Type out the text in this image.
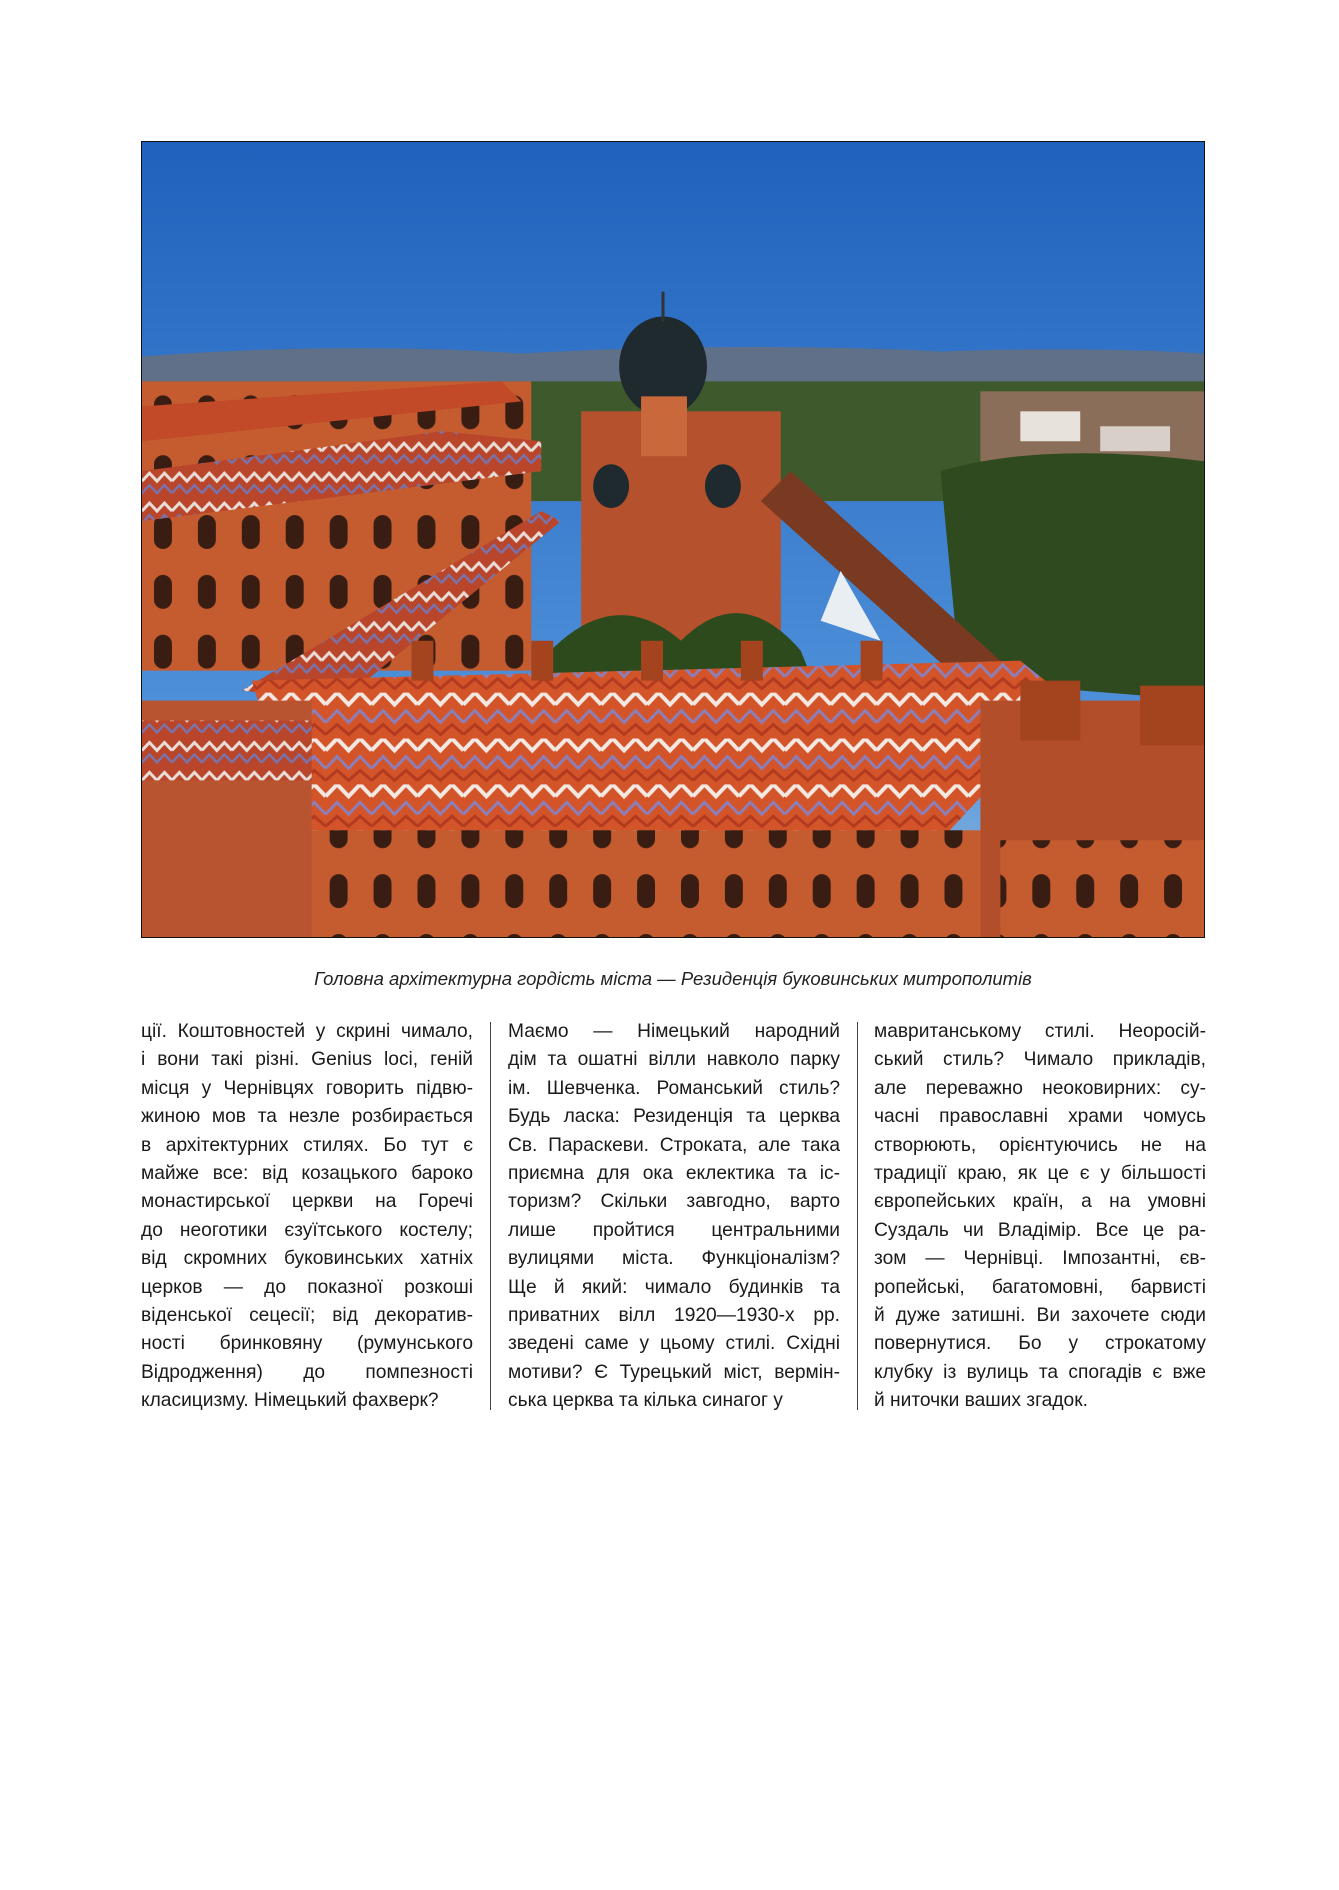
Головна архітектурна гордість міста — Резиденція буковинських митрополитів
ції. Коштовностей у скрині чимало,
і вони такі різні. Genius loci, геній
місця у Чернівцях говорить підвю-
жиною мов та незле розбирається
в архітектурних стилях. Бо тут є
майже все: від козацького бароко
монастирської церкви на Горечі
до неоготики єзуїтського костелу;
від скромних буковинських хатніх
церков — до показної розкоші
віденської сецесії; від декоратив-
ності бринковяну (румунського
Відродження) до помпезності
класицизму. Німецький фахверк?
Маємо — Німецький народний
дім та ошатні вілли навколо парку
ім. Шевченка. Романський стиль?
Будь ласка: Резиденція та церква
Св. Параскеви. Строката, але така
приємна для ока еклектика та іс-
торизм? Скільки завгодно, варто
лише пройтися центральними
вулицями міста. Функціоналізм?
Ще й який: чимало будинків та
приватних вілл 1920—1930-х рр.
зведені саме у цьому стилі. Східні
мотиви? Є Турецький міст, вермін-
ська церква та кілька синагог у
мавританському стилі. Неоросій-
ський стиль? Чимало прикладів,
але переважно неоковирних: су-
часні православні храми чомусь
створюють, орієнтуючись не на
традиції краю, як це є у більшості
європейських країн, а на умовні
Суздаль чи Владімір. Все це ра-
зом — Чернівці. Імпозантні, єв-
ропейські, багатомовні, барвисті
й дуже затишні. Ви захочете сюди
повернутися. Бо у строкатому
клубку із вулиць та спогадів є вже
й ниточки ваших згадок.
